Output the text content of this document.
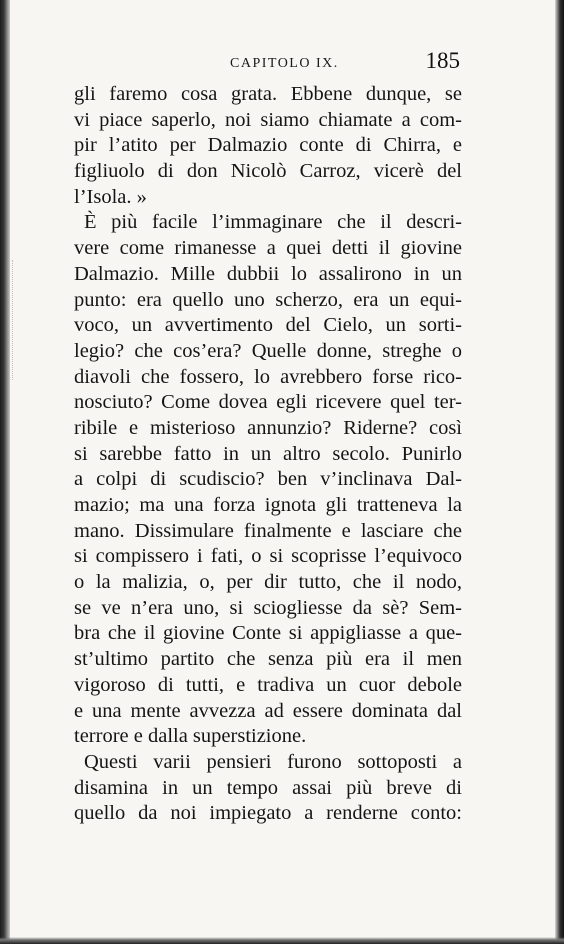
CAPITOLO IX.	185
gli faremo cosa grata. Ebbene dunque, se
vi piace saperlo, noi siamo chiamate a com-
pir l’atito per Dalmazio conte di Chirra, e
figliuolo di don Nicolò Carroz, vicerè del
l’Isola. »
È più facile l’immaginare che il descri-
vere come rimanesse a quei detti il giovine
Dalmazio. Mille dubbii lo assalirono in un
punto: era quello uno scherzo, era un equi-
voco, un avvertimento del Cielo, un sorti-
legio? che cos’era? Quelle donne, streghe o
diavoli che fossero, lo avrebbero forse rico-
nosciuto? Come dovea egli ricevere quel ter-
ribile e misterioso annunzio? Riderne? così
si sarebbe fatto in un altro secolo. Punirlo
a colpi di scudiscio? ben v’inclinava Dal-
mazio; ma una forza ignota gli tratteneva la
mano. Dissimulare finalmente e lasciare che
si compissero i fati, o si scoprisse l’equivoco
o la malizia, o, per dir tutto, che il nodo,
se ve n’era uno, si sciogliesse da sè? Sem-
bra che il giovine Conte si appigliasse a que-
st’ultimo partito che senza più era il men
vigoroso di tutti, e tradiva un cuor debole
e una mente avvezza ad essere dominata dal
terrore e dalla superstizione.
Questi varii pensieri furono sottoposti a
disamina in un tempo assai più breve di
quello da noi impiegato a renderne conto:
